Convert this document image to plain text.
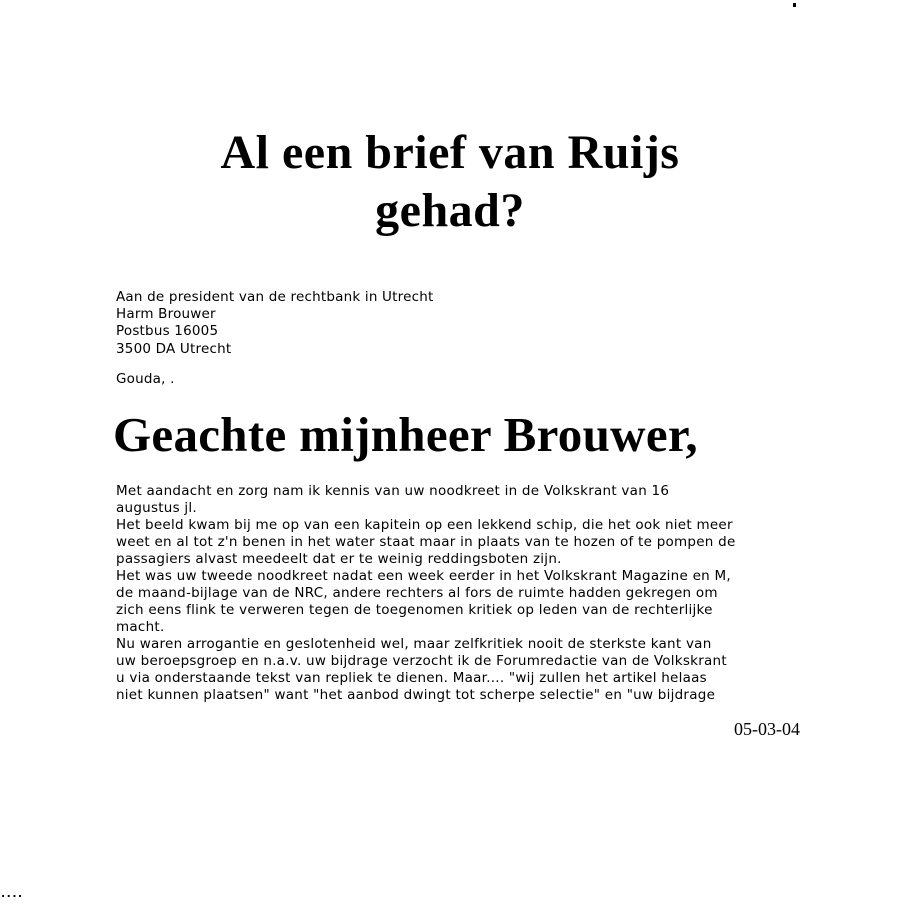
Al een brief van Ruijs
gehad?
Aan de president van de rechtbank in Utrecht
Harm Brouwer
Postbus 16005
3500 DA Utrecht
Gouda, .
Geachte mijnheer Brouwer,
Met aandacht en zorg nam ik kennis van uw noodkreet in de Volkskrant van 16
augustus jl.
Het beeld kwam bij me op van een kapitein op een lekkend schip, die het ook niet meer
weet en al tot z'n benen in het water staat maar in plaats van te hozen of te pompen de
passagiers alvast meedeelt dat er te weinig reddingsboten zijn.
Het was uw tweede noodkreet nadat een week eerder in het Volkskrant Magazine en M,
de maand-bijlage van de NRC, andere rechters al fors de ruimte hadden gekregen om
zich eens flink te verweren tegen de toegenomen kritiek op leden van de rechterlijke
macht.
Nu waren arrogantie en geslotenheid wel, maar zelfkritiek nooit de sterkste kant van
uw beroepsgroep en n.a.v. uw bijdrage verzocht ik de Forumredactie van de Volkskrant
u via onderstaande tekst van repliek te dienen. Maar.... "wij zullen het artikel helaas
niet kunnen plaatsen" want "het aanbod dwingt tot scherpe selectie" en "uw bijdrage
05-03-04
....
